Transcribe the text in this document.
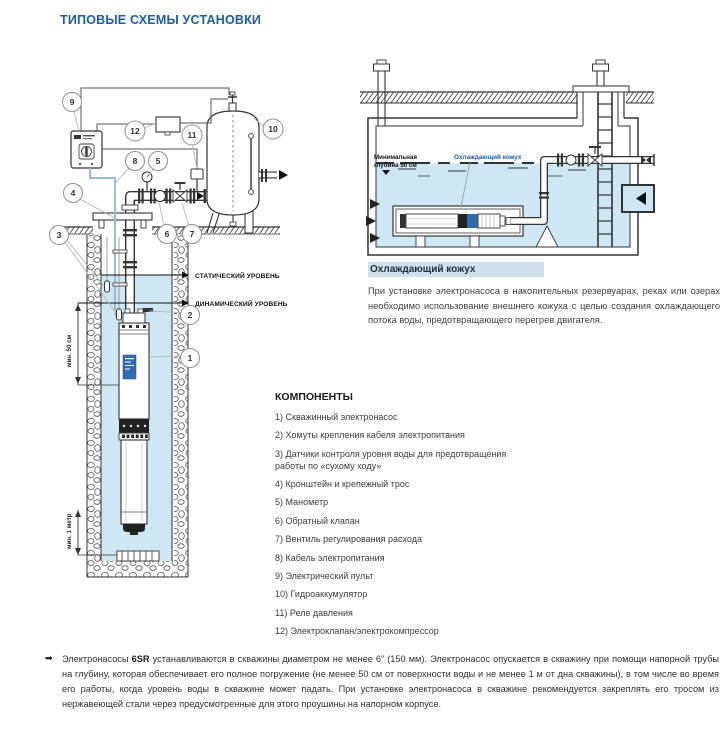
ТИПОВЫЕ СХЕМЫ УСТАНОВКИ
СТАТИЧЕСКИЙ УРОВЕНЬ
ДИНАМИЧЕСКИЙ УРОВЕНЬ
мин. 50 см
мин. 1 метр
1
2
3
4
5
6 7
8
9
10
11
12
Минимальная
глубина 50 см
Охлаждающий кожух
Охлаждающий кожух

При установке электронасоса в накопительных резервуарах, реках или озерах необходимо использование внешнего кожуха с целью создания охлаждающего потока воды, предотвращающего перегрев двигателя.

КОМПОНЕНТЫ
1) Скважинный электронасос
2) Хомуты крепления кабеля электропитания
3) Датчики контроля уровня воды для предотвращения работы по «сухому ходу»
4) Кронштейн и крепежный трос
5) Манометр
6) Обратный клапан
7) Вентиль регулирования расхода
8) Кабель электропитания
9) Электрический пульт
10) Гидроаккумулятор
11) Реле давления
12) Электроклапан/электрокомпрессор
➡	Электронасосы 6SR устанавливаются в скважины диаметром не менее 6” (150 мм). Электронасос опускается в скважину при помощи напорной трубы на глубину, которая обеспечивает его полное погружение (не менее 50 см от поверхности воды и не менее 1 м от дна скважины), в том числе во время его работы, когда уровень воды в скважине может падать. При установке электронасоса в скважине рекомендуется закреплять его тросом из нержавеющей стали через предусмотренные для этого проушины на напорном корпусе.
